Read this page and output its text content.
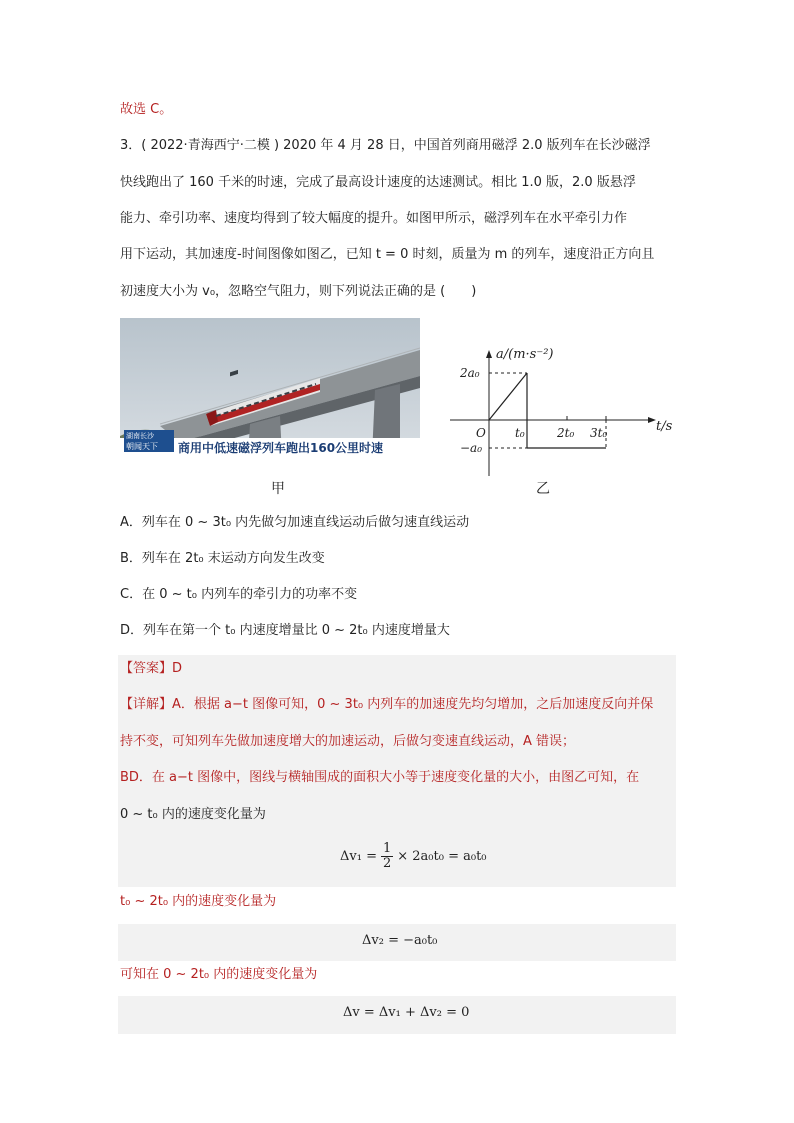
故选 C。
3．( 2022·青海西宁·二模 ) 2020 年 4 月 28 日，中国首列商用磁浮 2.0 版列车在长沙磁浮
快线跑出了 160 千米的时速，完成了最高设计速度的达速测试。相比 1.0 版，2.0 版悬浮
能力、牵引功率、速度均得到了较大幅度的提升。如图甲所示，磁浮列车在水平牵引力作
用下运动，其加速度-时间图像如图乙，已知 t = 0 时刻，质量为 m 的列车，速度沿正方向且
初速度大小为 v₀，忽略空气阻力，则下列说法正确的是 (　　)
湖南长沙
朝闻天下 商用中低速磁浮列车跑出160公里时速
甲
a/(m·s⁻²)
t/s
O
2a₀
−a₀
t₀	2t₀ 3t₀
乙
A．列车在 0 ~ 3t₀ 内先做匀加速直线运动后做匀速直线运动
B．列车在 2t₀ 末运动方向发生改变
C．在 0 ~ t₀ 内列车的牵引力的功率不变
D．列车在第一个 t₀ 内速度增量比 0 ~ 2t₀ 内速度增量大
【答案】D
【详解】A．根据 a−t 图像可知，0 ~ 3t₀ 内列车的加速度先均匀增加，之后加速度反向并保
持不变，可知列车先做加速度增大的加速运动，后做匀变速直线运动，A 错误；
BD．在 a−t 图像中，图线与横轴围成的面积大小等于速度变化量的大小，由图乙可知，在
0 ~ t₀ 内的速度变化量为
$\Delta v_1 = \frac{1}{2} \times 2a_0t_0 = a_0t_0$
t₀ ~ 2t₀ 内的速度变化量为
Δv₂ = −a₀t₀
可知在 0 ~ 2t₀ 内的速度变化量为
Δv = Δv₁ + Δv₂ = 0
